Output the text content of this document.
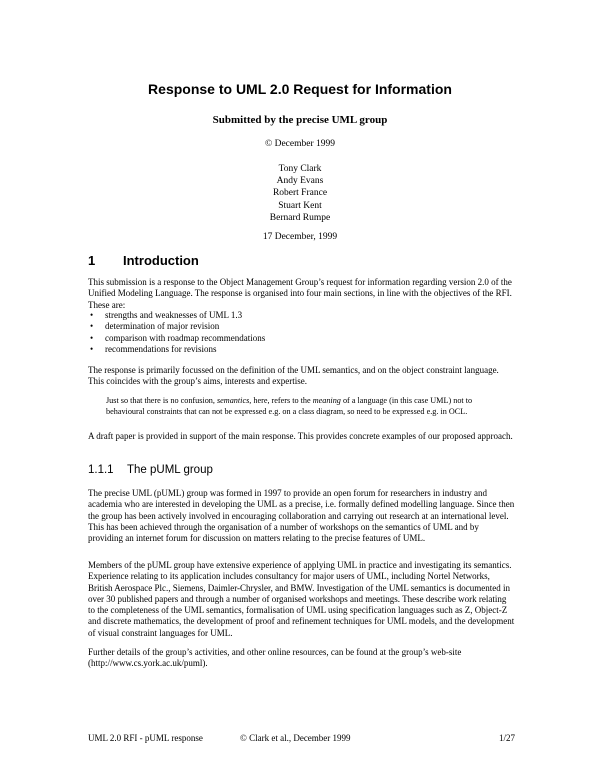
Response to UML 2.0 Request for Information
Submitted by the precise UML group
© December 1999
Tony Clark
Andy Evans
Robert France
Stuart Kent
Bernard Rumpe
17 December, 1999
1 Introduction
This submission is a response to the Object Management Group’s request for information regarding version 2.0 of the Unified Modeling Language. The response is organised into four main sections, in line with the objectives of the RFI. These are:
• strengths and weaknesses of UML 1.3
• determination of major revision
• comparison with roadmap recommendations
• recommendations for revisions
The response is primarily focussed on the definition of the UML semantics, and on the object constraint language. This coincides with the group’s aims, interests and expertise.
Just so that there is no confusion, semantics, here, refers to the meaning of a language (in this case UML) not to behavioural constraints that can not be expressed e.g. on a class diagram, so need to be expressed e.g. in OCL.
A draft paper is provided in support of the main response. This provides concrete examples of our proposed approach.
1.1.1 The pUML group
The precise UML (pUML) group was formed in 1997 to provide an open forum for researchers in industry and academia who are interested in developing the UML as a precise, i.e. formally defined modelling language. Since then the group has been actively involved in encouraging collaboration and carrying out research at an international level. This has been achieved through the organisation of a number of workshops on the semantics of UML and by providing an internet forum for discussion on matters relating to the precise features of UML.
Members of the pUML group have extensive experience of applying UML in practice and investigating its semantics. Experience relating to its application includes consultancy for major users of UML, including Nortel Networks, British Aerospace Plc., Siemens, Daimler-Chrysler, and BMW. Investigation of the UML semantics is documented in over 30 published papers and through a number of organised workshops and meetings. These describe work relating to the completeness of the UML semantics, formalisation of UML using specification languages such as Z, Object-Z and discrete mathematics, the development of proof and refinement techniques for UML models, and the development of visual constraint languages for UML.
Further details of the group’s activities, and other online resources, can be found at the group’s web-site (http://www.cs.york.ac.uk/puml).
UML 2.0 RFI - pUML response	© Clark et al., December 1999	1/27
